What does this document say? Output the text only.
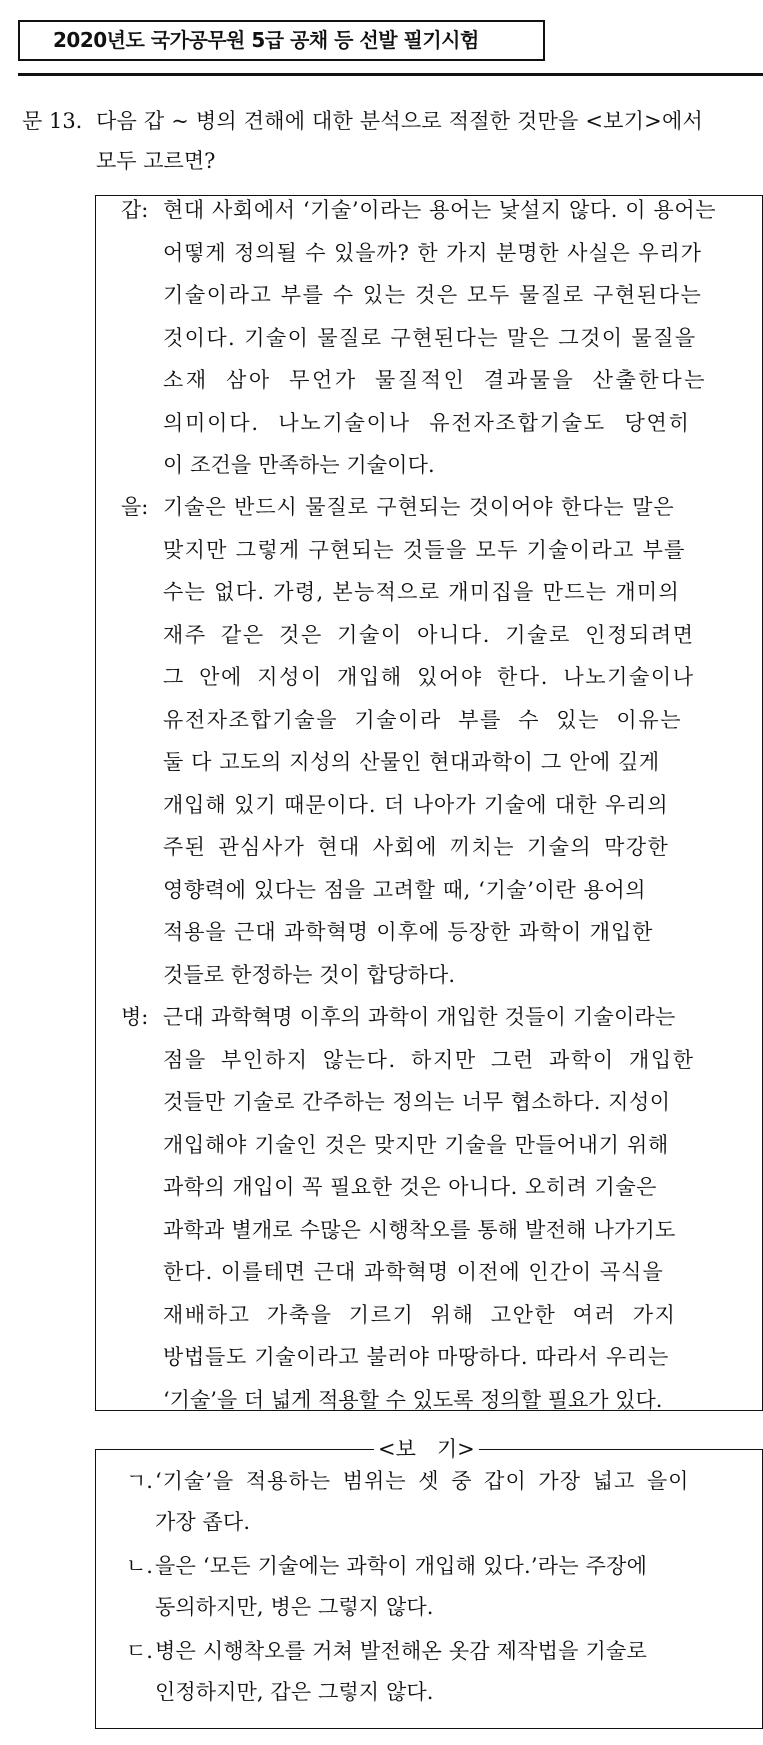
2020년도 국가공무원 5급 공채 등 선발 필기시험
문 13. 다음 갑 ~ 병의 견해에 대한 분석으로 적절한 것만을 <보기>에서
모두 고르면?
갑: 현대 사회에서 ‘기술’이라는 용어는 낯설지 않다. 이 용어는
어떻게 정의될 수 있을까? 한 가지 분명한 사실은 우리가
기술이라고 부를 수 있는 것은 모두 물질로 구현된다는
것이다. 기술이 물질로 구현된다는 말은 그것이 물질을
소재 삼아 무언가 물질적인 결과물을 산출한다는
의미이다. 나노기술이나 유전자조합기술도 당연히
이 조건을 만족하는 기술이다.
을: 기술은 반드시 물질로 구현되는 것이어야 한다는 말은
맞지만 그렇게 구현되는 것들을 모두 기술이라고 부를
수는 없다. 가령, 본능적으로 개미집을 만드는 개미의
재주 같은 것은 기술이 아니다. 기술로 인정되려면
그 안에 지성이 개입해 있어야 한다. 나노기술이나
유전자조합기술을 기술이라 부를 수 있는 이유는
둘 다 고도의 지성의 산물인 현대과학이 그 안에 깊게
개입해 있기 때문이다. 더 나아가 기술에 대한 우리의
주된 관심사가 현대 사회에 끼치는 기술의 막강한
영향력에 있다는 점을 고려할 때, ‘기술’이란 용어의
적용을 근대 과학혁명 이후에 등장한 과학이 개입한
것들로 한정하는 것이 합당하다.
병: 근대 과학혁명 이후의 과학이 개입한 것들이 기술이라는
점을 부인하지 않는다. 하지만 그런 과학이 개입한
것들만 기술로 간주하는 정의는 너무 협소하다. 지성이
개입해야 기술인 것은 맞지만 기술을 만들어내기 위해
과학의 개입이 꼭 필요한 것은 아니다. 오히려 기술은
과학과 별개로 수많은 시행착오를 통해 발전해 나가기도
한다. 이를테면 근대 과학혁명 이전에 인간이 곡식을
재배하고 가축을 기르기 위해 고안한 여러 가지
방법들도 기술이라고 불러야 마땅하다. 따라서 우리는
‘기술’을 더 넓게 적용할 수 있도록 정의할 필요가 있다.
ㄱ. ‘기술’을 적용하는 범위는 셋 중 갑이 가장 넓고 을이
가장 좁다.
ㄴ. 을은 ‘모든 기술에는 과학이 개입해 있다.’라는 주장에
동의하지만, 병은 그렇지 않다.
ㄷ. 병은 시행착오를 거쳐 발전해온 옷감 제작법을 기술로
인정하지만, 갑은 그렇지 않다.
<보　기>
